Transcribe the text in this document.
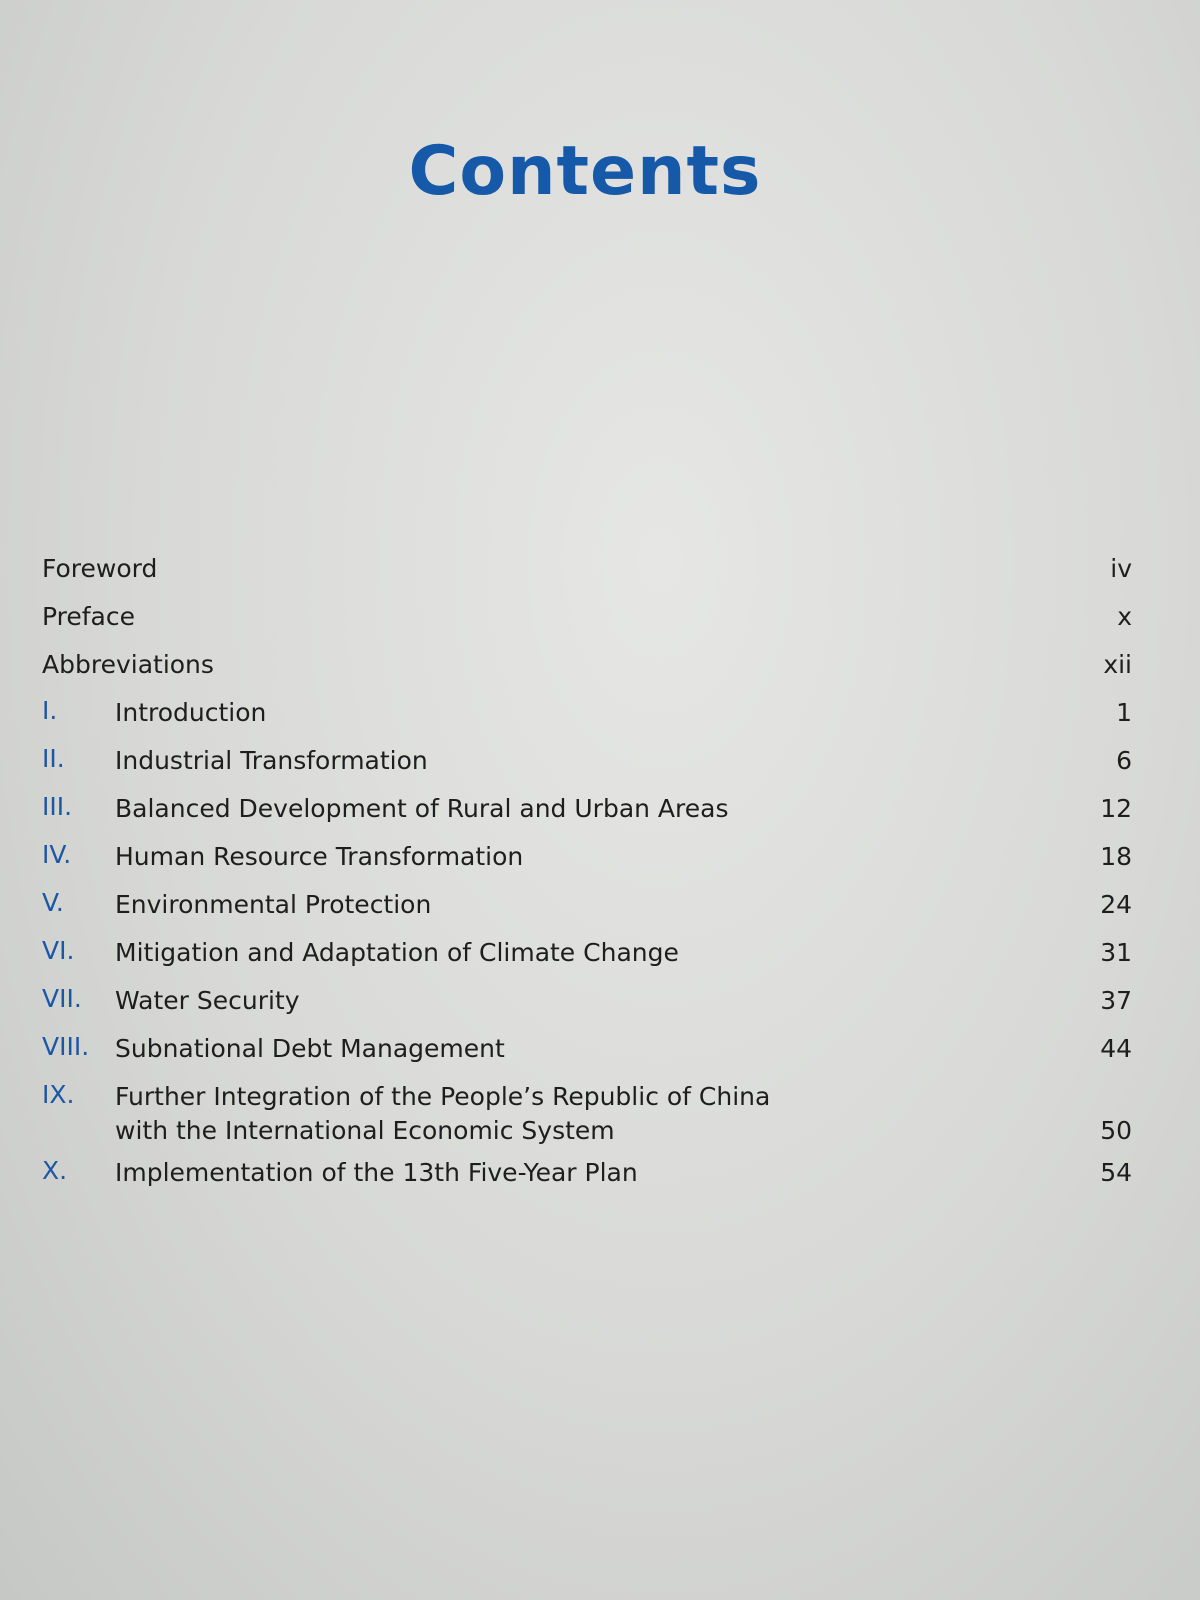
Contents
Foreword	iv
Preface	x
Abbreviations	xii
I.	Introduction	1
II.	Industrial Transformation	6
III.	Balanced Development of Rural and Urban Areas	12
IV.	Human Resource Transformation	18
V.	Environmental Protection	24
VI.	Mitigation and Adaptation of Climate Change	31
VII.	Water Security	37
VIII.	Subnational Debt Management	44
IX.	Further Integration of the People’s Republic of China
with the International Economic System	50
X.	Implementation of the 13th Five-Year Plan	54
